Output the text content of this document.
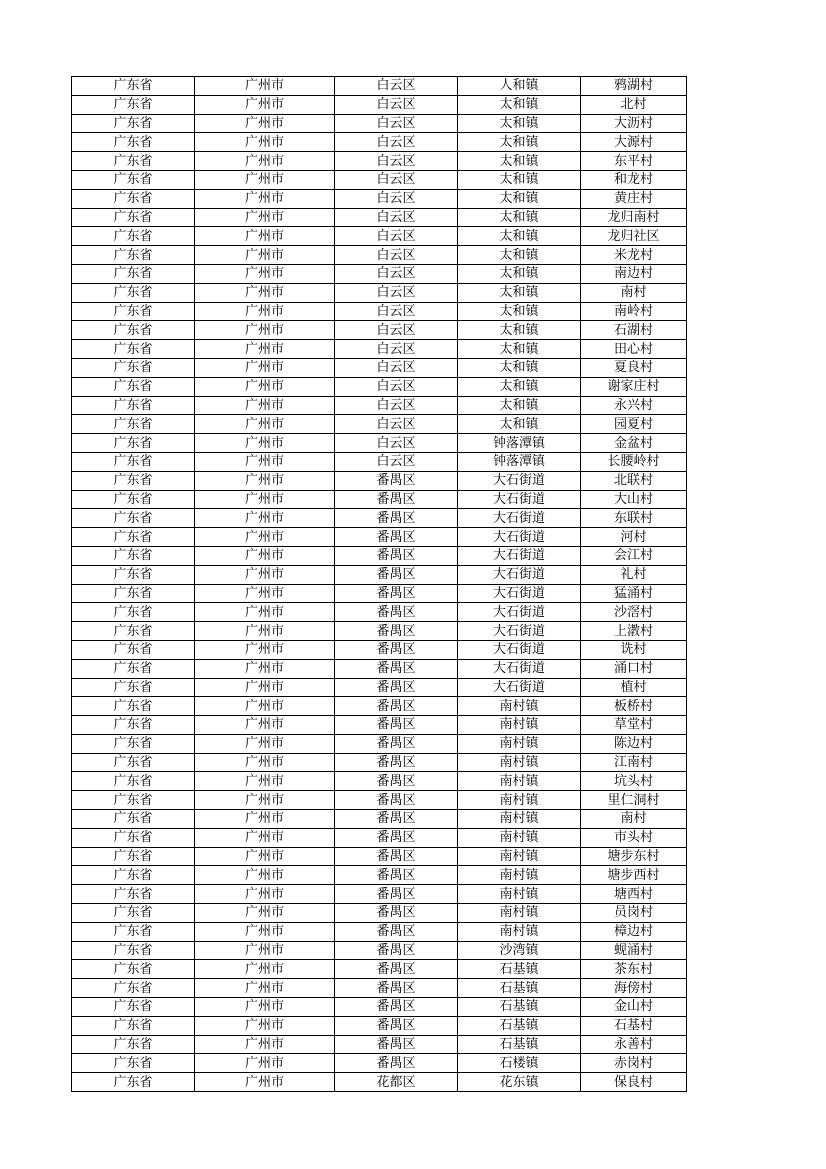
广东省	广州市	白云区	人和镇	鸦湖村
广东省	广州市	白云区	太和镇	北村
广东省	广州市	白云区	太和镇	大沥村
广东省	广州市	白云区	太和镇	大源村
广东省	广州市	白云区	太和镇	东平村
广东省	广州市	白云区	太和镇	和龙村
广东省	广州市	白云区	太和镇	黄庄村
广东省	广州市	白云区	太和镇	龙归南村
广东省	广州市	白云区	太和镇	龙归社区
广东省	广州市	白云区	太和镇	米龙村
广东省	广州市	白云区	太和镇	南边村
广东省	广州市	白云区	太和镇	南村
广东省	广州市	白云区	太和镇	南岭村
广东省	广州市	白云区	太和镇	石湖村
广东省	广州市	白云区	太和镇	田心村
广东省	广州市	白云区	太和镇	夏良村
广东省	广州市	白云区	太和镇	谢家庄村
广东省	广州市	白云区	太和镇	永兴村
广东省	广州市	白云区	太和镇	园夏村
广东省	广州市	白云区	钟落潭镇	金盆村
广东省	广州市	白云区	钟落潭镇	长腰岭村
广东省	广州市	番禺区	大石街道	北联村
广东省	广州市	番禺区	大石街道	大山村
广东省	广州市	番禺区	大石街道	东联村
广东省	广州市	番禺区	大石街道	河村
广东省	广州市	番禺区	大石街道	会江村
广东省	广州市	番禺区	大石街道	礼村
广东省	广州市	番禺区	大石街道	猛涌村
广东省	广州市	番禺区	大石街道	沙滘村
广东省	广州市	番禺区	大石街道	上漖村
广东省	广州市	番禺区	大石街道	诜村
广东省	广州市	番禺区	大石街道	涌口村
广东省	广州市	番禺区	大石街道	植村
广东省	广州市	番禺区	南村镇	板桥村
广东省	广州市	番禺区	南村镇	草堂村
广东省	广州市	番禺区	南村镇	陈边村
广东省	广州市	番禺区	南村镇	江南村
广东省	广州市	番禺区	南村镇	坑头村
广东省	广州市	番禺区	南村镇	里仁洞村
广东省	广州市	番禺区	南村镇	南村
广东省	广州市	番禺区	南村镇	市头村
广东省	广州市	番禺区	南村镇	塘步东村
广东省	广州市	番禺区	南村镇	塘步西村
广东省	广州市	番禺区	南村镇	塘西村
广东省	广州市	番禺区	南村镇	员岗村
广东省	广州市	番禺区	南村镇	樟边村
广东省	广州市	番禺区	沙湾镇	蚬涌村
广东省	广州市	番禺区	石基镇	茶东村
广东省	广州市	番禺区	石基镇	海傍村
广东省	广州市	番禺区	石基镇	金山村
广东省	广州市	番禺区	石基镇	石基村
广东省	广州市	番禺区	石基镇	永善村
广东省	广州市	番禺区	石楼镇	赤岗村
广东省	广州市	花都区	花东镇	保良村
